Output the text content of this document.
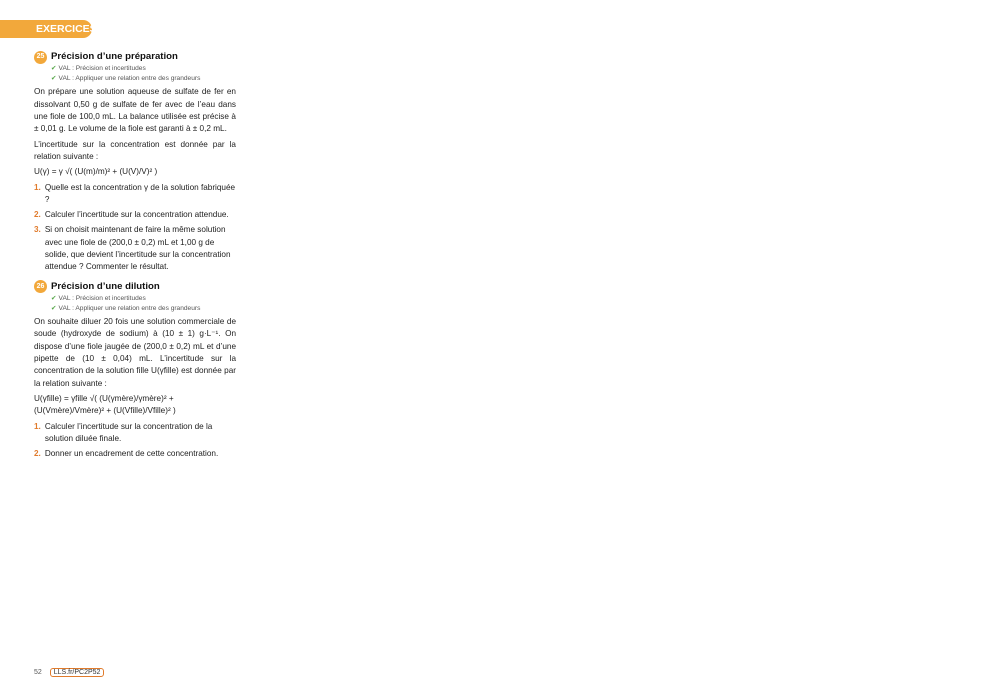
EXERCICES
25 Précision d’une préparation
✔ VAL : Précision et incertitudes
✔ VAL : Appliquer une relation entre des grandeurs

On prépare une solution aqueuse de sulfate de fer en dissolvant 0,50 g de sulfate de fer avec de l’eau dans une fiole de 100,0 mL. La balance utilisée est précise à ± 0,01 g. Le volume de la fiole est garanti à ± 0,2 mL.

L’incertitude sur la concentration est donnée par la relation suivante :

U(γ) = γ √( (U(m)/m)² + (U(V)/V)² )
1. Quelle est la concentration γ de la solution fabriquée ?
2. Calculer l’incertitude sur la concentration attendue.
3. Si on choisit maintenant de faire la même solution avec une fiole de (200,0 ± 0,2) mL et 1,00 g de solide, que devient l’incertitude sur la concentration attendue ? Commenter le résultat.
26 Précision d’une dilution
✔ VAL : Précision et incertitudes
✔ VAL : Appliquer une relation entre des grandeurs

On souhaite diluer 20 fois une solution commerciale de soude (hydroxyde de sodium) à (10 ± 1) g·L⁻¹. On dispose d’une fiole jaugée de (200,0 ± 0,2) mL et d’une pipette de (10 ± 0,04) mL. L’incertitude sur la concentration de la solution fille U(γfille) est donnée par la relation suivante :

U(γfille) = γfille √( (U(γmère)/γmère)² + (U(Vmère)/Vmère)² + (U(Vfille)/Vfille)² )
1. Calculer l’incertitude sur la concentration de la solution diluée finale.
2. Donner un encadrement de cette concentration.
52 LLS.fr/PC2P52
